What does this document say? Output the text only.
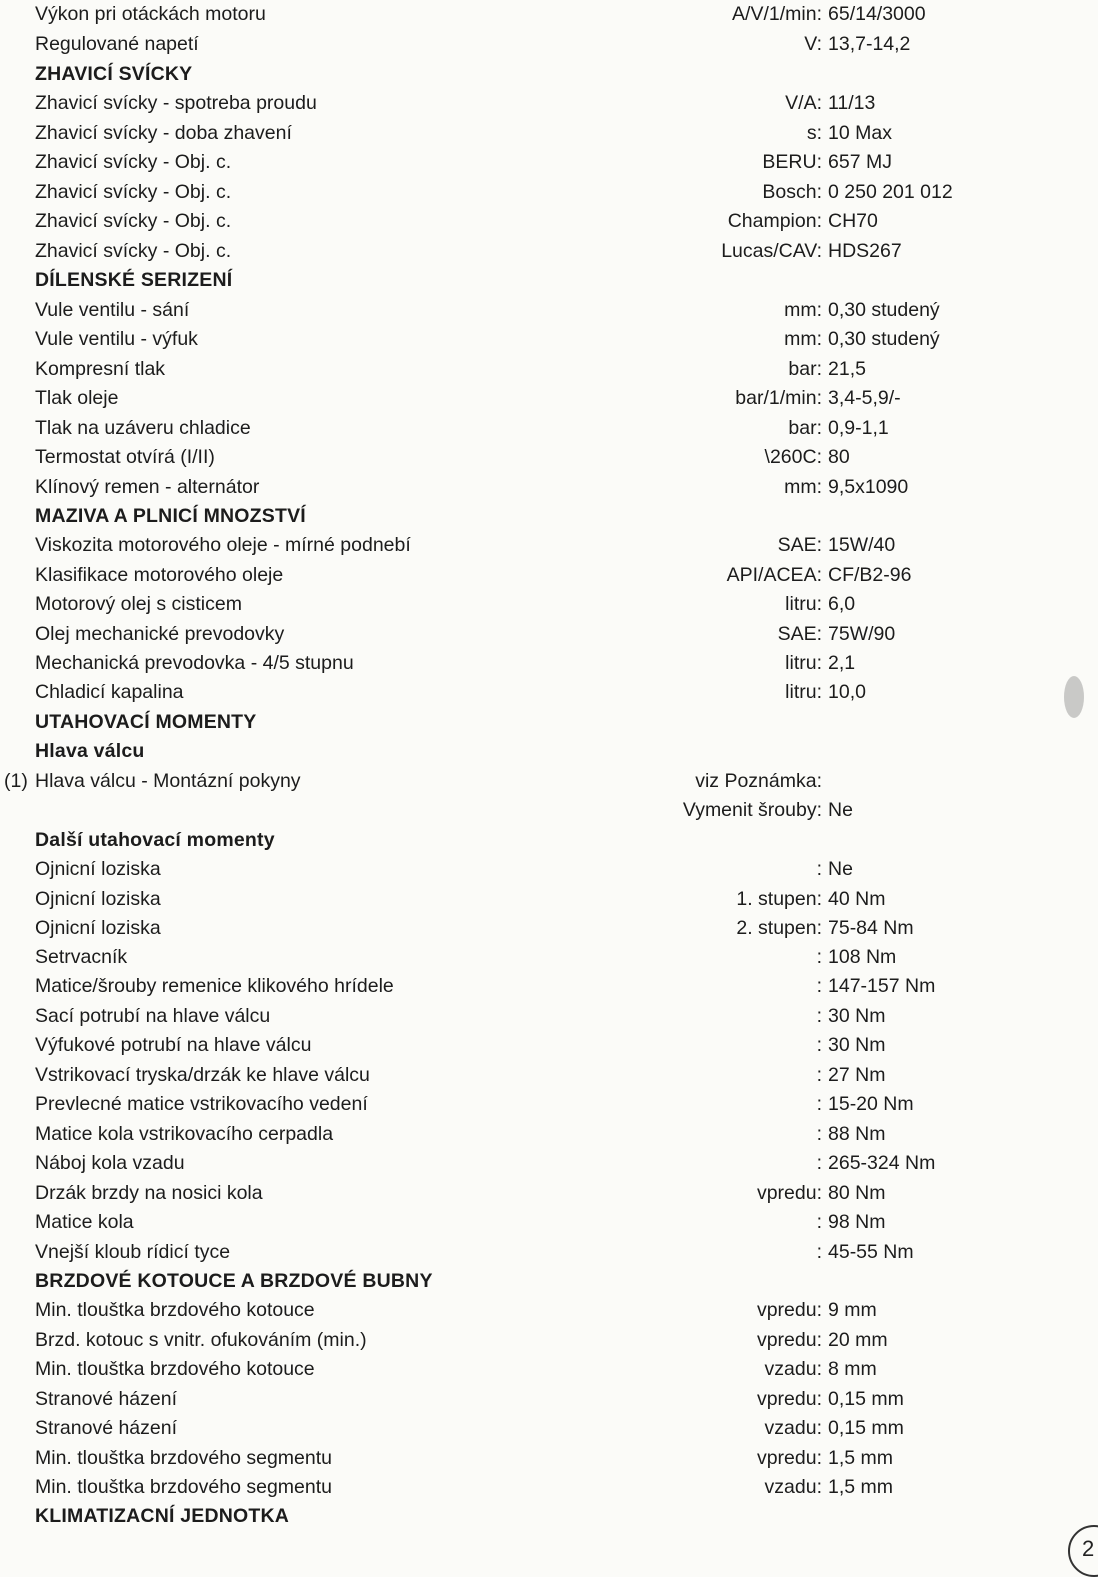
2
Výkon pri otáckách motoru	A/V/1/min: 65/14/3000
Regulované napetí	V: 13,7-14,2
ZHAVICÍ SVÍCKY
Zhavicí svícky - spotreba proudu	V/A: 11/13
Zhavicí svícky - doba zhavení	s: 10 Max
Zhavicí svícky - Obj. c.	BERU: 657 MJ
Zhavicí svícky - Obj. c.	Bosch: 0 250 201 012
Zhavicí svícky - Obj. c.	Champion: CH70
Zhavicí svícky - Obj. c.	Lucas/CAV: HDS267
DÍLENSKÉ SERIZENÍ
Vule ventilu - sání	mm: 0,30 studený
Vule ventilu - výfuk	mm: 0,30 studený
Kompresní tlak	bar: 21,5
Tlak oleje	bar/1/min: 3,4-5,9/-
Tlak na uzáveru chladice	bar: 0,9-1,1
Termostat otvírá (I/II)	\260C: 80
Klínový remen - alternátor	mm: 9,5x1090
MAZIVA A PLNICÍ MNOZSTVÍ
Viskozita motorového oleje - mírné podnebí	SAE: 15W/40
Klasifikace motorového oleje	API/ACEA: CF/B2-96
Motorový olej s cisticem	litru: 6,0
Olej mechanické prevodovky	SAE: 75W/90
Mechanická prevodovka - 4/5 stupnu	litru: 2,1
Chladicí kapalina	litru: 10,0
UTAHOVACÍ MOMENTY
Hlava válcu
(1) Hlava válcu - Montázní pokyny	viz Poznámka:
Vymenit šrouby: Ne
Další utahovací momenty
Ojnicní loziska	: Ne
Ojnicní loziska	1. stupen: 40 Nm
Ojnicní loziska	2. stupen: 75-84 Nm
Setrvacník	: 108 Nm
Matice/šrouby remenice klikového hrídele	: 147-157 Nm
Sací potrubí na hlave válcu	: 30 Nm
Výfukové potrubí na hlave válcu	: 30 Nm
Vstrikovací tryska/drzák ke hlave válcu	: 27 Nm
Prevlecné matice vstrikovacího vedení	: 15-20 Nm
Matice kola vstrikovacího cerpadla	: 88 Nm
Náboj kola vzadu	: 265-324 Nm
Drzák brzdy na nosici kola	vpredu: 80 Nm
Matice kola	: 98 Nm
Vnejší kloub rídicí tyce	: 45-55 Nm
BRZDOVÉ KOTOUCE A BRZDOVÉ BUBNY
Min. tlouštka brzdového kotouce	vpredu: 9 mm
Brzd. kotouc s vnitr. ofukováním (min.)	vpredu: 20 mm
Min. tlouštka brzdového kotouce	vzadu: 8 mm
Stranové házení	vpredu: 0,15 mm
Stranové házení	vzadu: 0,15 mm
Min. tlouštka brzdového segmentu	vpredu: 1,5 mm
Min. tlouštka brzdového segmentu	vzadu: 1,5 mm
KLIMATIZACNÍ JEDNOTKA
